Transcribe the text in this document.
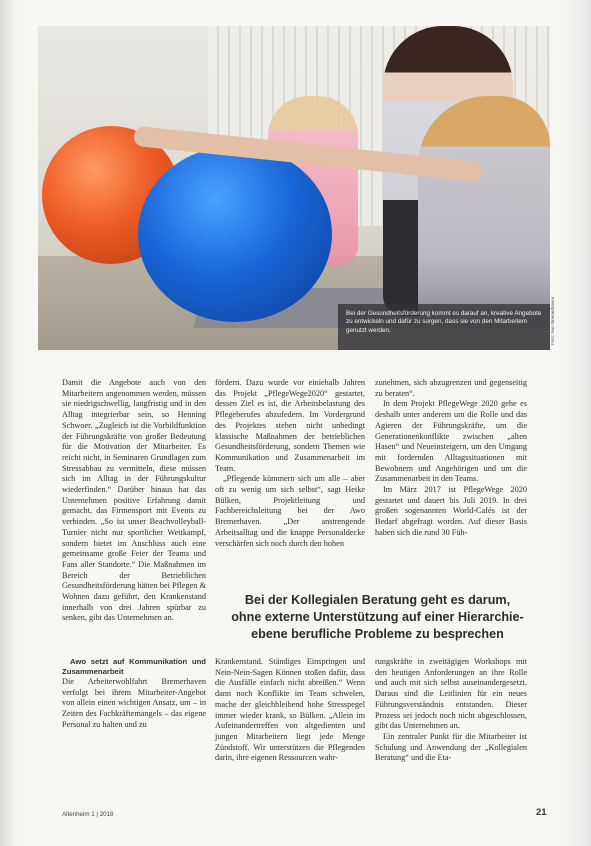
Bei der Gesundheitsförderung kommt es darauf an, kreative Angebote zu entwickeln und dafür zu sorgen, dass sie von den Mitarbeitern genutzt werden.	Foto: Awo Bremerhaven

Damit die Angebote auch von den Mitarbeitern angenommen werden, müssen sie niedrigschwellig, langfristig und in den Alltag integrierbar sein, so Henning Schwoer. „Zugleich ist die Vorbildfunktion der Führungskräfte von großer Bedeutung für die Motivation der Mitarbeiter. Es reicht nicht, in Seminaren Grundlagen zum Stressabbau zu vermitteln, diese müssen sich im Alltag in der Führungskultur wiederfinden.“ Darüber hinaus hat das Unternehmen positive Erfahrung damit gemacht, das Firmensport mit Events zu verbinden. „So ist unser Beachvolleyball-Turnier nicht nur sportlicher Wettkampf, sondern bietet im Anschluss auch eine gemeinsame große Feier der Teams und Fans aller Standorte.“ Die Maßnahmen im Bereich der Betrieblichen Gesundheitsförderung hätten bei Pflegen & Wohnen dazu geführt, den Krankenstand innerhalb von drei Jahren spürbar zu senken, gibt das Unternehmen an.

fördern. Dazu wurde vor einiehalb Jahren das Projekt „PflegeWege2020“ gestartet, dessen Ziel es ist, die Arbeitsbelastung des Pflegeberufes abzufedern. Im Vordergrund des Projektes stehen nicht unbedingt klassische Maßnahmen der betrieblichen Gesundheitsförderung, sondern Themen wie Kommunikation und Zusammenarbeit im Team.

„Pflegende kümmern sich um alle – aber oft zu wenig um sich selbst“, sagt Heike Bülken, Projektleitung und Fachbereichsleitung bei der Awo Bremerhaven. „Der anstrengende Arbeitsalltag und die knappe Personaldecke verschärfen sich noch durch den hohen

zunehmen, sich abzugrenzen und gegenseitig zu beraten“.

In dem Projekt PflegeWege 2020 gehe es deshalb unter anderem um die Rolle und das Agieren der Führungskräfte, um die Generationenkonflikte zwischen „alten Hasen“ und Neueinsteigern, um den Umgang mit fordernden Alltagssituationen mit Bewohnern und Angehörigen und um die Zusammenarbeit in den Teams.

Im März 2017 ist PflegeWege 2020 gestartet und dauert bis Juli 2019. In drei großen sogenannten World-Cafés ist der Bedarf abgefragt worden. Auf dieser Basis haben sich die rund 30 Füh-

Bei der Kollegialen Beratung geht es darum,
ohne externe Unterstützung auf einer Hierarchie-
ebene berufliche Probleme zu besprechen

Awo setzt auf Kommunikation und Zusammenarbeit

Die Arbeiterwohlfahrt Bremerhaven verfolgt bei ihrem Mitarbeiter-Angebot von allein einen wichtigen Ansatz, um – in Zeiten des Fachkräftemangels – das eigene Personal zu halten und zu

Krankenstand. Ständiges Einspringen und Nein-Nein-Sagen Können stoßen dafür, dass die Ausfälle einfach nicht abreißen.“ Wenn dann noch Konflikte im Team schwelen, mache der gleichbleibend hohe Stresspegel immer wieder krank, so Bülken. „Allein im Aufeinandertreffen von altgedienten und jungen Mitarbeitern liegt jede Menge Zündstoff. Wir unterstützen die Pflegenden darin, ihre eigenen Ressourcen wahr-

rungskräfte in zweitägigen Workshops mit den heutigen Anforderungen an ihre Rolle und auch mit sich selbst auseinandergesetzt. Daraus sind die Leitlinien für ein neues Führungsverständnis entstanden. Dieser Prozess sei jedoch noch nicht abgeschlossen, gibt das Unternehmen an.

Ein zentraler Punkt für die Mitarbeiter ist Schulung und Anwendung der „Kollegialen Beratung“ und die Eta-

Altenheim 1 | 2018	21
